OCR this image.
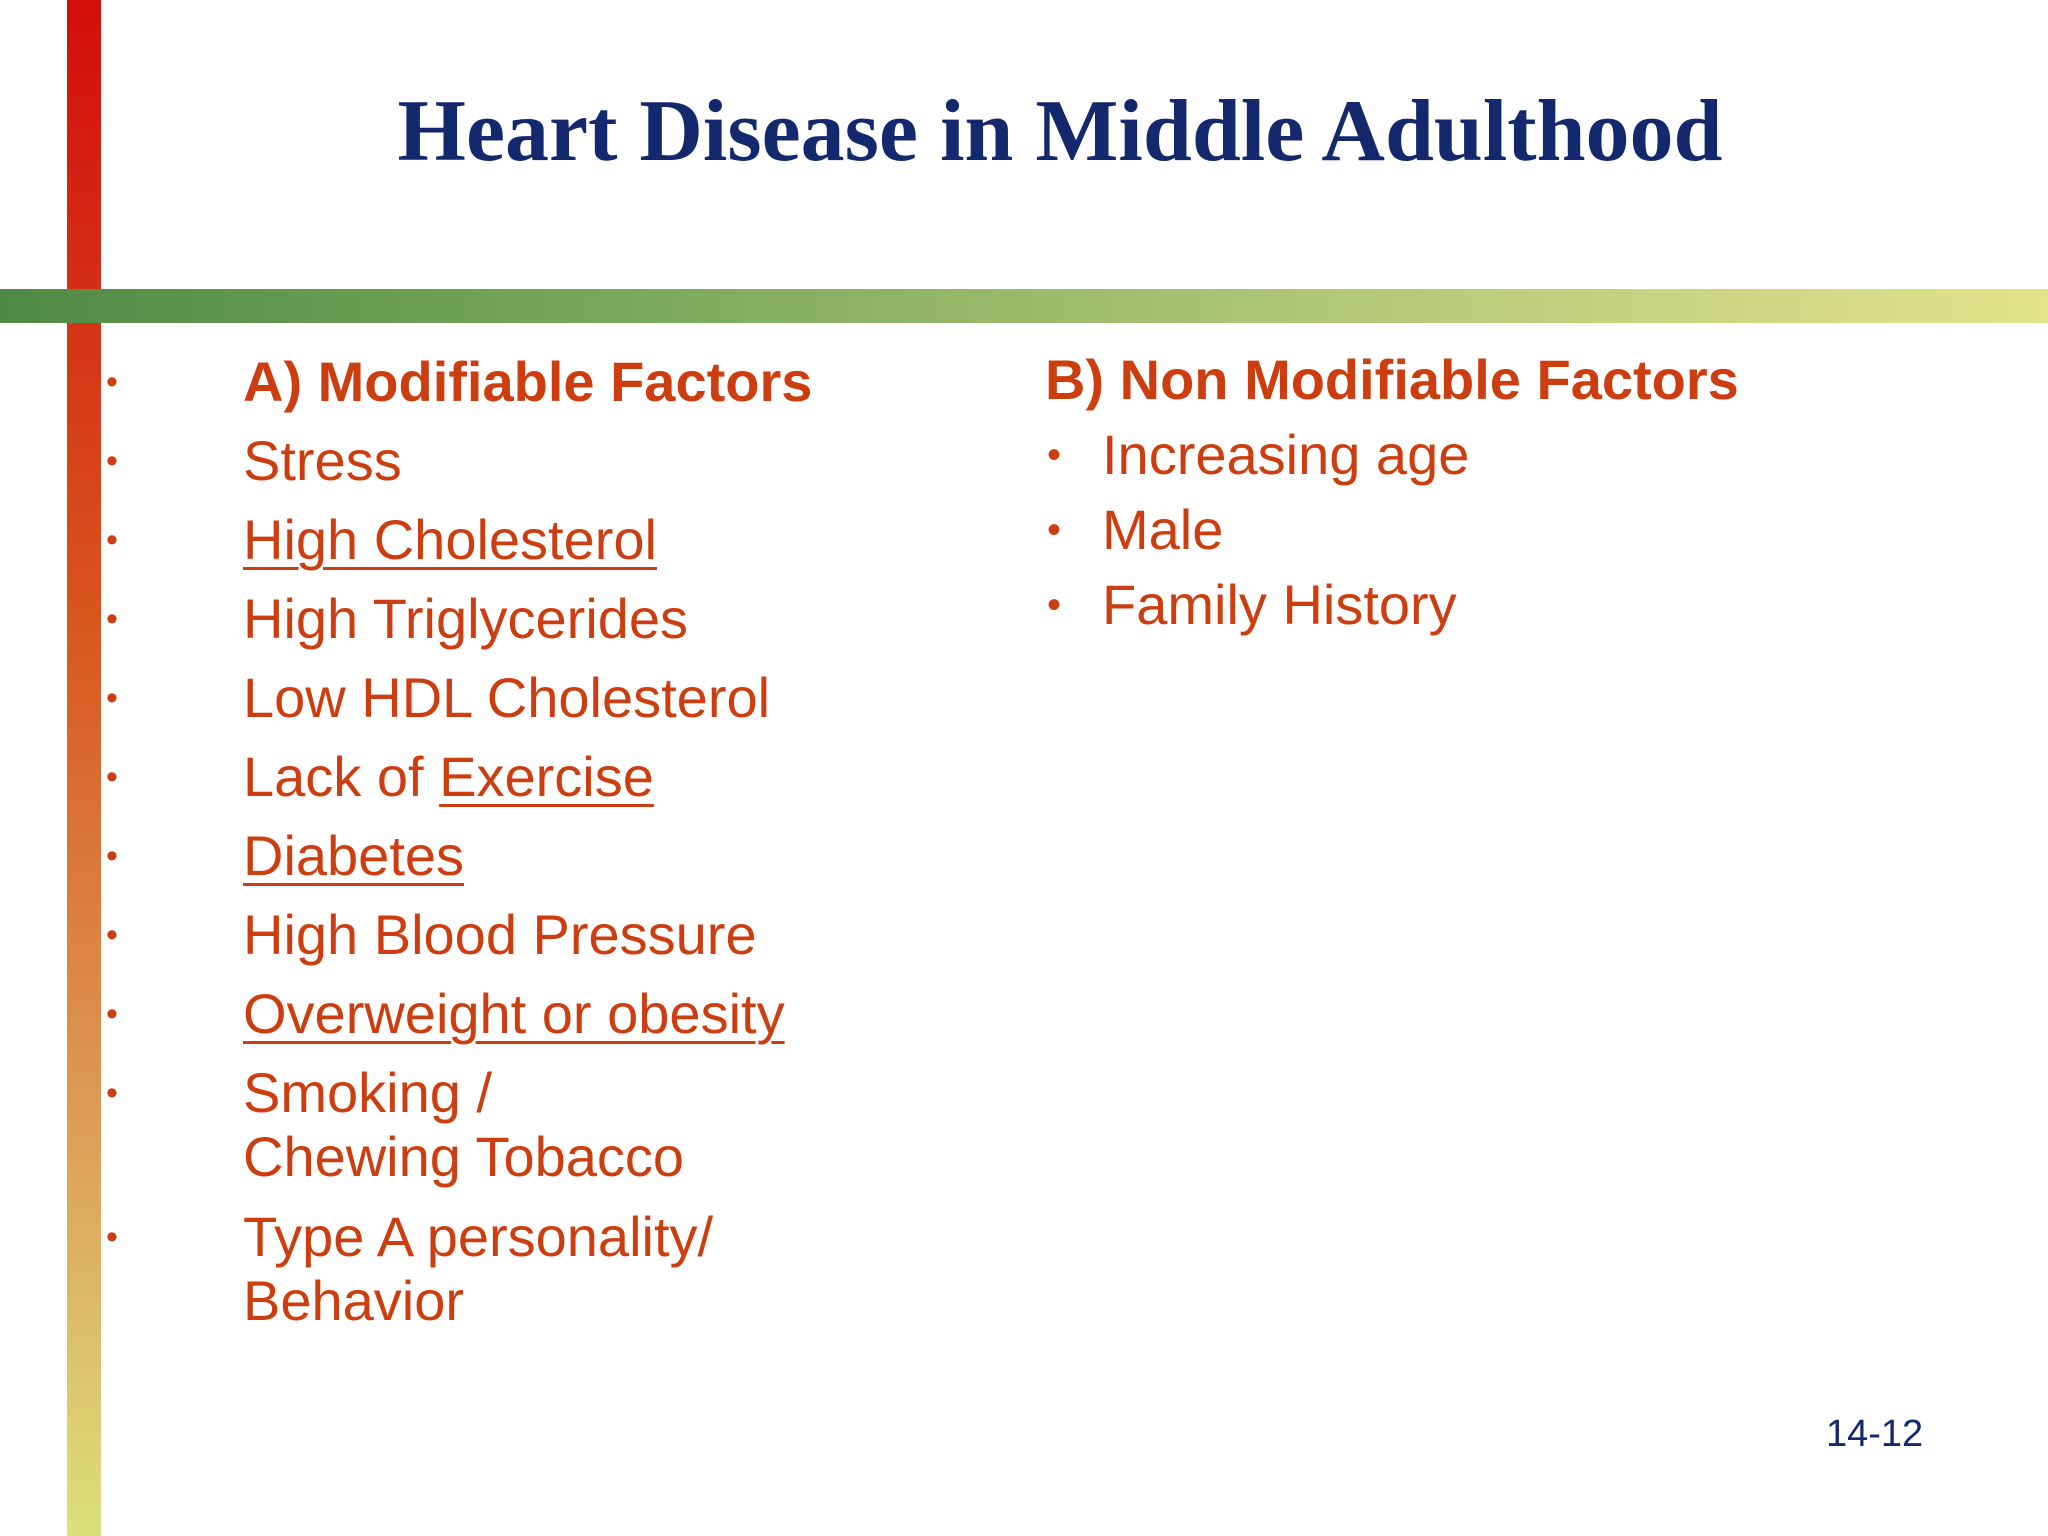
Heart Disease in Middle Adulthood
• A) Modifiable Factors
• Stress
• High Cholesterol
• High Triglycerides
• Low HDL Cholesterol
• Lack of Exercise
• Diabetes
• High Blood Pressure
• Overweight or obesity
• Smoking /
Chewing Tobacco
• Type A personality/
Behavior
B) Non Modifiable Factors
• Increasing age
• Male
• Family History
14-12
